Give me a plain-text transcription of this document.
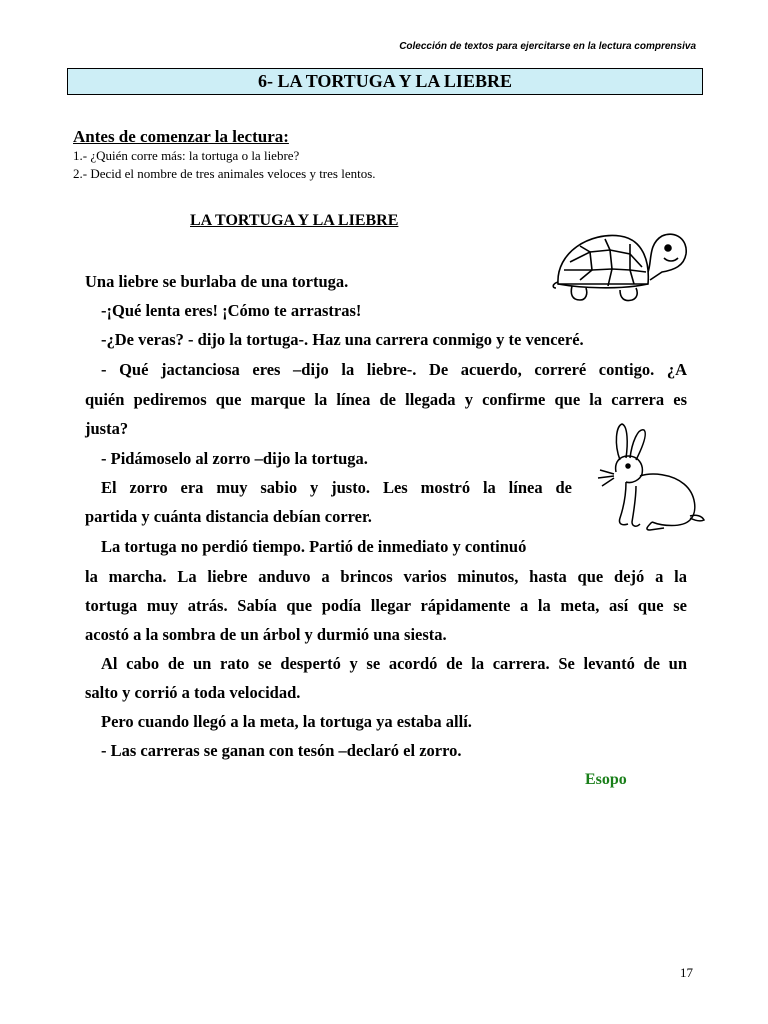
Colección de textos para ejercitarse en la lectura comprensiva
6- LA TORTUGA Y LA LIEBRE
Antes de comenzar la lectura:
1.- ¿Quién corre más: la tortuga o la liebre?
2.- Decid el nombre de tres animales veloces y tres lentos.
LA TORTUGA Y LA LIEBRE
Una liebre se burlaba de una tortuga.
-¡Qué lenta eres! ¡Cómo te arrastras!
-¿De veras? - dijo la tortuga-. Haz una carrera conmigo y te venceré.
- Qué jactanciosa eres –dijo la liebre-. De acuerdo, correré contigo. ¿A
quién pediremos que marque la línea de llegada y confirme que la carrera es
justa?
- Pidámoselo al zorro –dijo la tortuga.
El zorro era muy sabio y justo. Les mostró la línea de
partida y cuánta distancia debían correr.
La tortuga no perdió tiempo. Partió de inmediato y continuó
la marcha. La liebre anduvo a brincos varios minutos, hasta que dejó a la
tortuga muy atrás. Sabía que podía llegar rápidamente a la meta, así que se
acostó a la sombra de un árbol y durmió una siesta.
Al cabo de un rato se despertó y se acordó de la carrera. Se levantó de un
salto y corrió a toda velocidad.
Pero cuando llegó a la meta, la tortuga ya estaba allí.
- Las carreras se ganan con tesón –declaró el zorro.
Esopo
17
